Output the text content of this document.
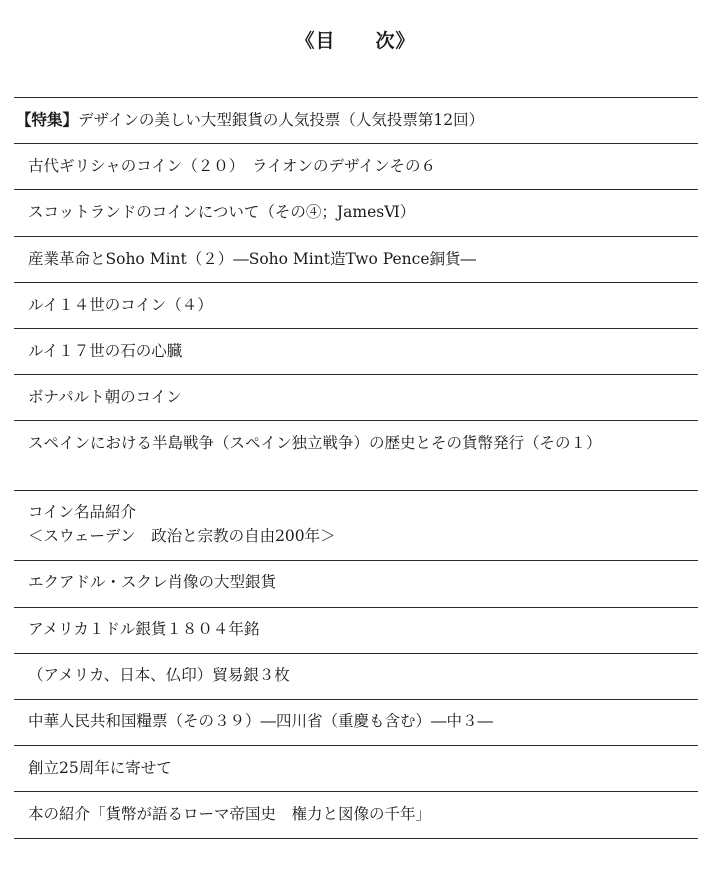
《目　　次》
【特集】デザインの美しい大型銀貨の人気投票（人気投票第12回）
古代ギリシャのコイン（２０）　ライオンのデザインその６
スコットランドのコインについて（その④；JamesⅥ）
産業革命とSoho Mint（２）―Soho Mint造Two Pence銅貨―
ルイ１４世のコイン（４）
ルイ１７世の石の心臓
ボナパルト朝のコイン
スペインにおける半島戦争（スペイン独立戦争）の歴史とその貨幣発行（その１）
コイン名品紹介
＜スウェーデン　政治と宗教の自由200年＞
エクアドル・スクレ肖像の大型銀貨
アメリカ１ドル銀貨１８０４年銘
（アメリカ、日本、仏印）貿易銀３枚
中華人民共和国糧票（その３９）―四川省（重慶も含む）―中３―
創立25周年に寄せて
本の紹介「貨幣が語るローマ帝国史　権力と図像の千年」
